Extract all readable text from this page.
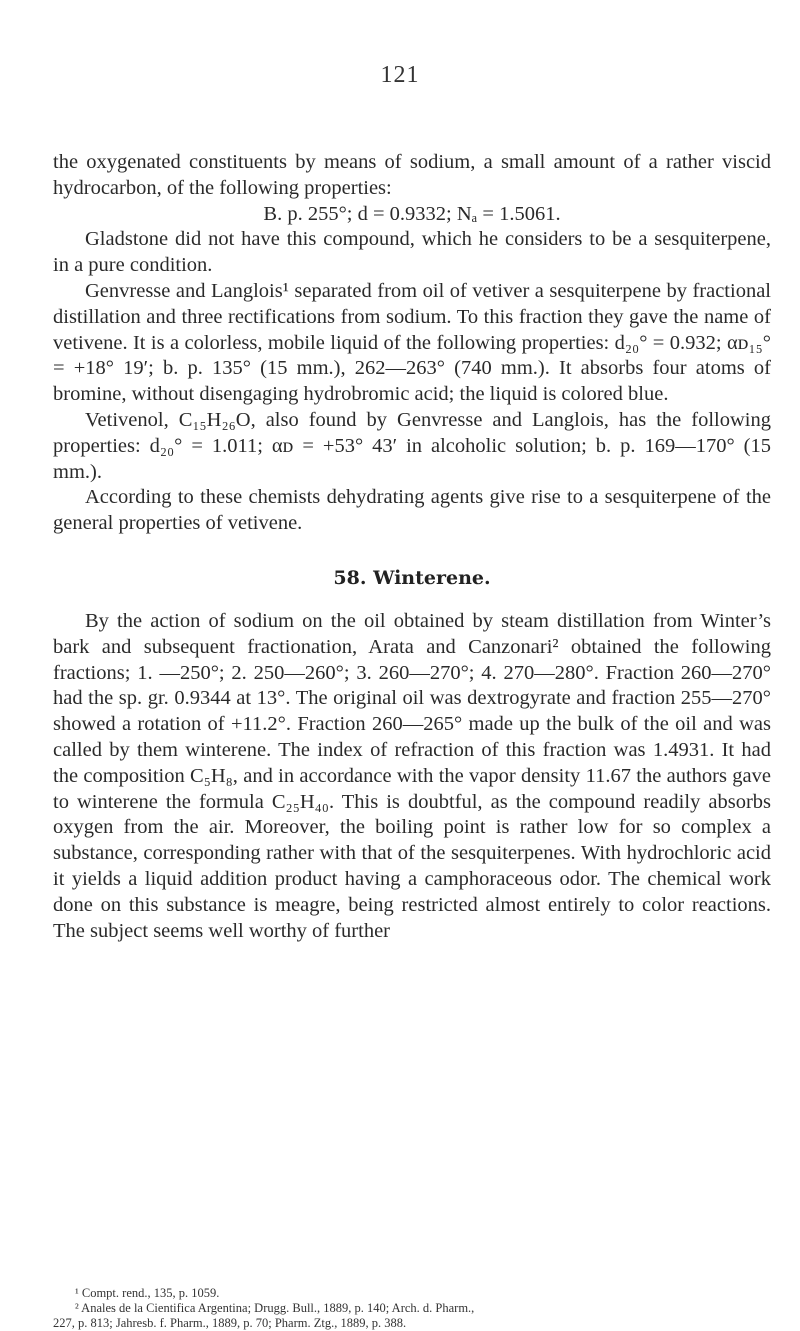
121

the oxygenated constituents by means of sodium, a small amount of a rather viscid hydrocarbon, of the following properties:

B. p. 255°; d = 0.9332; Nₐ = 1.5061.

Gladstone did not have this compound, which he considers to be a sesquiterpene, in a pure condition.

Genvresse and Langlois¹ separated from oil of vetiver a sesquiterpene by fractional distillation and three rectifications from sodium. To this fraction they gave the name of vetivene. It is a colorless, mobile liquid of the following properties: d₂₀° = 0.932; αᴅ₁₅° = +18° 19′; b. p. 135° (15 mm.), 262—263° (740 mm.). It absorbs four atoms of bromine, without disengaging hydrobromic acid; the liquid is colored blue.

Vetivenol, C₁₅H₂₆O, also found by Genvresse and Langlois, has the following properties: d₂₀° = 1.011; αᴅ = +53° 43′ in alcoholic solution; b. p. 169—170° (15 mm.).

According to these chemists dehydrating agents give rise to a sesquiterpene of the general properties of vetivene.

58. Winterene.

By the action of sodium on the oil obtained by steam distillation from Winter’s bark and subsequent fractionation, Arata and Canzonari² obtained the following fractions; 1. —250°; 2. 250—260°; 3. 260—270°; 4. 270—280°. Fraction 260—270° had the sp. gr. 0.9344 at 13°. The original oil was dextrogyrate and fraction 255—270° showed a rotation of +11.2°. Fraction 260—265° made up the bulk of the oil and was called by them winterene. The index of refraction of this fraction was 1.4931. It had the composition C₅H₈, and in accordance with the vapor density 11.67 the authors gave to winterene the formula C₂₅H₄₀. This is doubtful, as the compound readily absorbs oxygen from the air. Moreover, the boiling point is rather low for so complex a substance, corresponding rather with that of the sesquiterpenes. With hydrochloric acid it yields a liquid addition product having a camphoraceous odor. The chemical work done on this substance is meagre, being restricted almost entirely to color reactions. The subject seems well worthy of further

¹ Compt. rend., 135, p. 1059.
² Anales de la Cientifica Argentina; Drugg. Bull., 1889, p. 140; Arch. d. Pharm.,
227, p. 813; Jahresb. f. Pharm., 1889, p. 70; Pharm. Ztg., 1889, p. 388.
